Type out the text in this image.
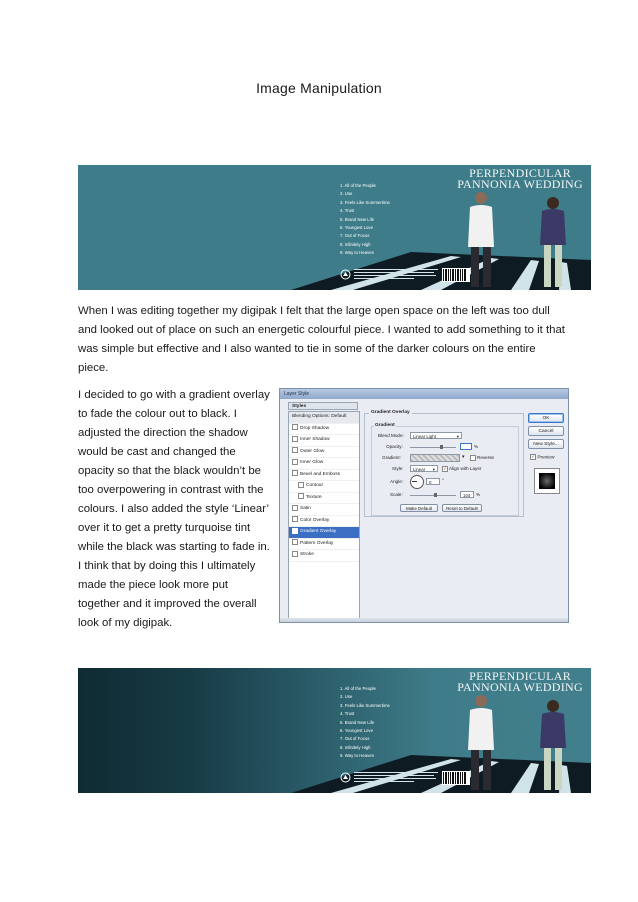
Image Manipulation
PERPENDICULAR
PANNONIA WEDDING
1. All of the People
2. Use
3. Feels Like Summertime
4. Trust
5. Brand New Life
6. Youngest Love
7. Out of Focus
8. Infinitely High
9. Way to Heaven

When I was editing together my digipak I felt that the large open space on the left was too dull and looked out of place on such an energetic colourful piece. I wanted to add something to it that was simple but effective and I also wanted to tie in some of the darker colours on the entire piece.

I decided to go with a gradient overlay to fade the colour out to black. I adjusted the direction the shadow would be cast and changed the opacity so that the black wouldn’t be too overpowering in contrast with the colours. I also added the style ‘Linear’ over it to get a pretty turquoise tint while the black was starting to fade in. I think that by doing this I ultimately made the piece look more put together and it improved the overall look of my digipak.

Layer Style
Styles
Blending Options: Default
Drop Shadow
Inner Shadow
Outer Glow
Inner Glow
Bevel and Emboss
Contour
Texture
Satin
Color Overlay
Gradient Overlay
Pattern Overlay
Stroke
Gradient Overlay
Gradient
Blend Mode:	Linear Light	▾
Opacity:	%
Gradient:	▾	Reverse
Style:	Linear ▾	✓ Align with Layer
Angle:	0	°
Scale:	104	%
Make Default	Reset to Default
OK
Cancel
New Style...
✓ Preview
PERPENDICULAR
PANNONIA WEDDING
1. All of the People
2. Use
3. Feels Like Summertime
4. Trust
5. Brand New Life
6. Youngest Love
7. Out of Focus
8. Infinitely High
9. Way to Heaven
